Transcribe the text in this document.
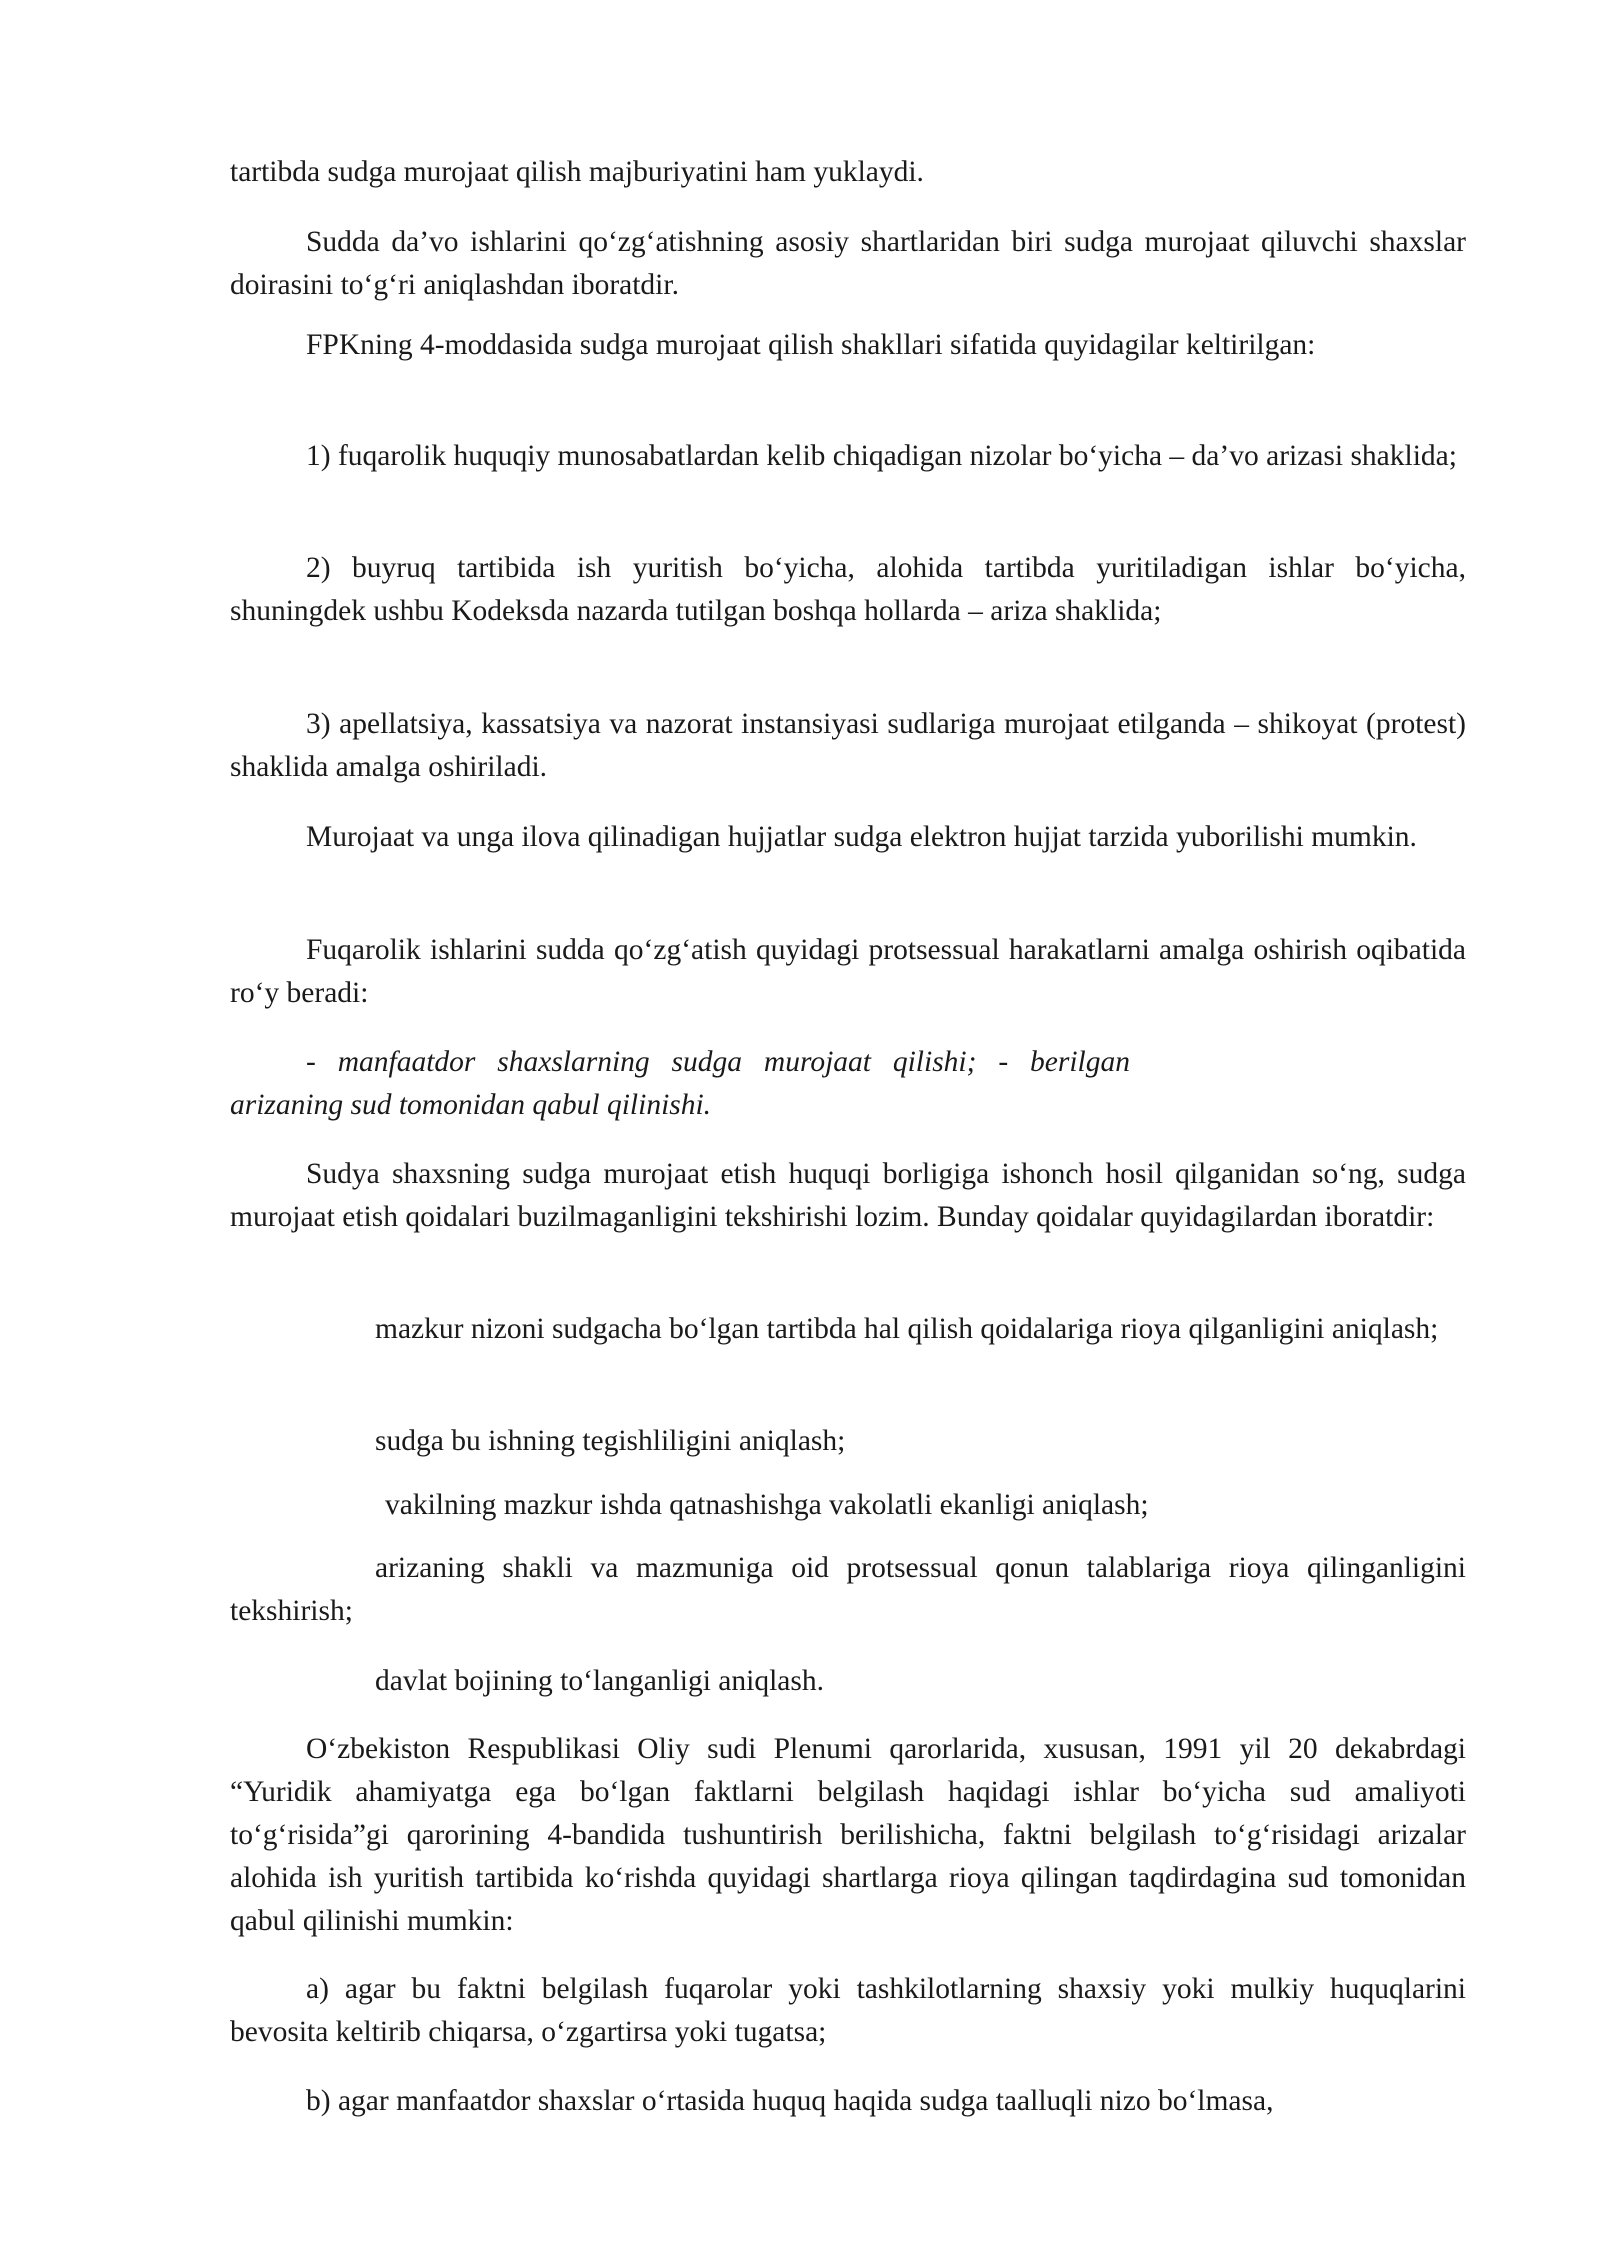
tartibda sudga murojaat qilish majburiyatini ham yuklaydi.

Sudda da’vo ishlarini qo‘zg‘atishning asosiy shartlaridan biri sudga murojaat qiluvchi shaxslar doirasini to‘g‘ri aniqlashdan iboratdir.

FPKning 4-moddasida sudga murojaat qilish shakllari sifatida quyidagilar keltirilgan:

1) fuqarolik huquqiy munosabatlardan kelib chiqadigan nizolar bo‘yicha – da’vo arizasi shaklida;

2) buyruq tartibida ish yuritish bo‘yicha, alohida tartibda yuritiladigan ishlar bo‘yicha, shuningdek ushbu Kodeksda nazarda tutilgan boshqa hollarda – ariza shaklida;

3) apellatsiya, kassatsiya va nazorat instansiyasi sudlariga murojaat etilganda – shikoyat (protest) shaklida amalga oshiriladi.

Murojaat va unga ilova qilinadigan hujjatlar sudga elektron hujjat tarzida yuborilishi mumkin.

Fuqarolik ishlarini sudda qo‘zg‘atish quyidagi protsessual harakatlarni amalga oshirish oqibatida ro‘y beradi:

- manfaatdor shaxslarning sudga murojaat qilishi; - berilgan arizaning sud tomonidan qabul qilinishi.

Sudya shaxsning sudga murojaat etish huquqi borligiga ishonch hosil qilganidan so‘ng, sudga murojaat etish qoidalari buzilmaganligini tekshirishi lozim. Bunday qoidalar quyidagilardan iboratdir:

mazkur nizoni sudgacha bo‘lgan tartibda hal qilish qoidalariga rioya qilganligini aniqlash;

sudga bu ishning tegishliligini aniqlash;

vakilning mazkur ishda qatnashishga vakolatli ekanligi aniqlash;

arizaning shakli va mazmuniga oid protsessual qonun talablariga rioya qilinganligini tekshirish;

davlat bojining to‘langanligi aniqlash.

O‘zbekiston Respublikasi Oliy sudi Plenumi qarorlarida, xususan, 1991 yil 20 dekabrdagi “Yuridik ahamiyatga ega bo‘lgan faktlarni belgilash haqidagi ishlar bo‘yicha sud amaliyoti to‘g‘risida”gi qarorining 4-bandida tushuntirish berilishicha, faktni belgilash to‘g‘risidagi arizalar alohida ish yuritish tartibida ko‘rishda quyidagi shartlarga rioya qilingan taqdirdagina sud tomonidan qabul qilinishi mumkin:

a) agar bu faktni belgilash fuqarolar yoki tashkilotlarning shaxsiy yoki mulkiy huquqlarini bevosita keltirib chiqarsa, o‘zgartirsa yoki tugatsa;

b) agar manfaatdor shaxslar o‘rtasida huquq haqida sudga taalluqli nizo bo‘lmasa,
